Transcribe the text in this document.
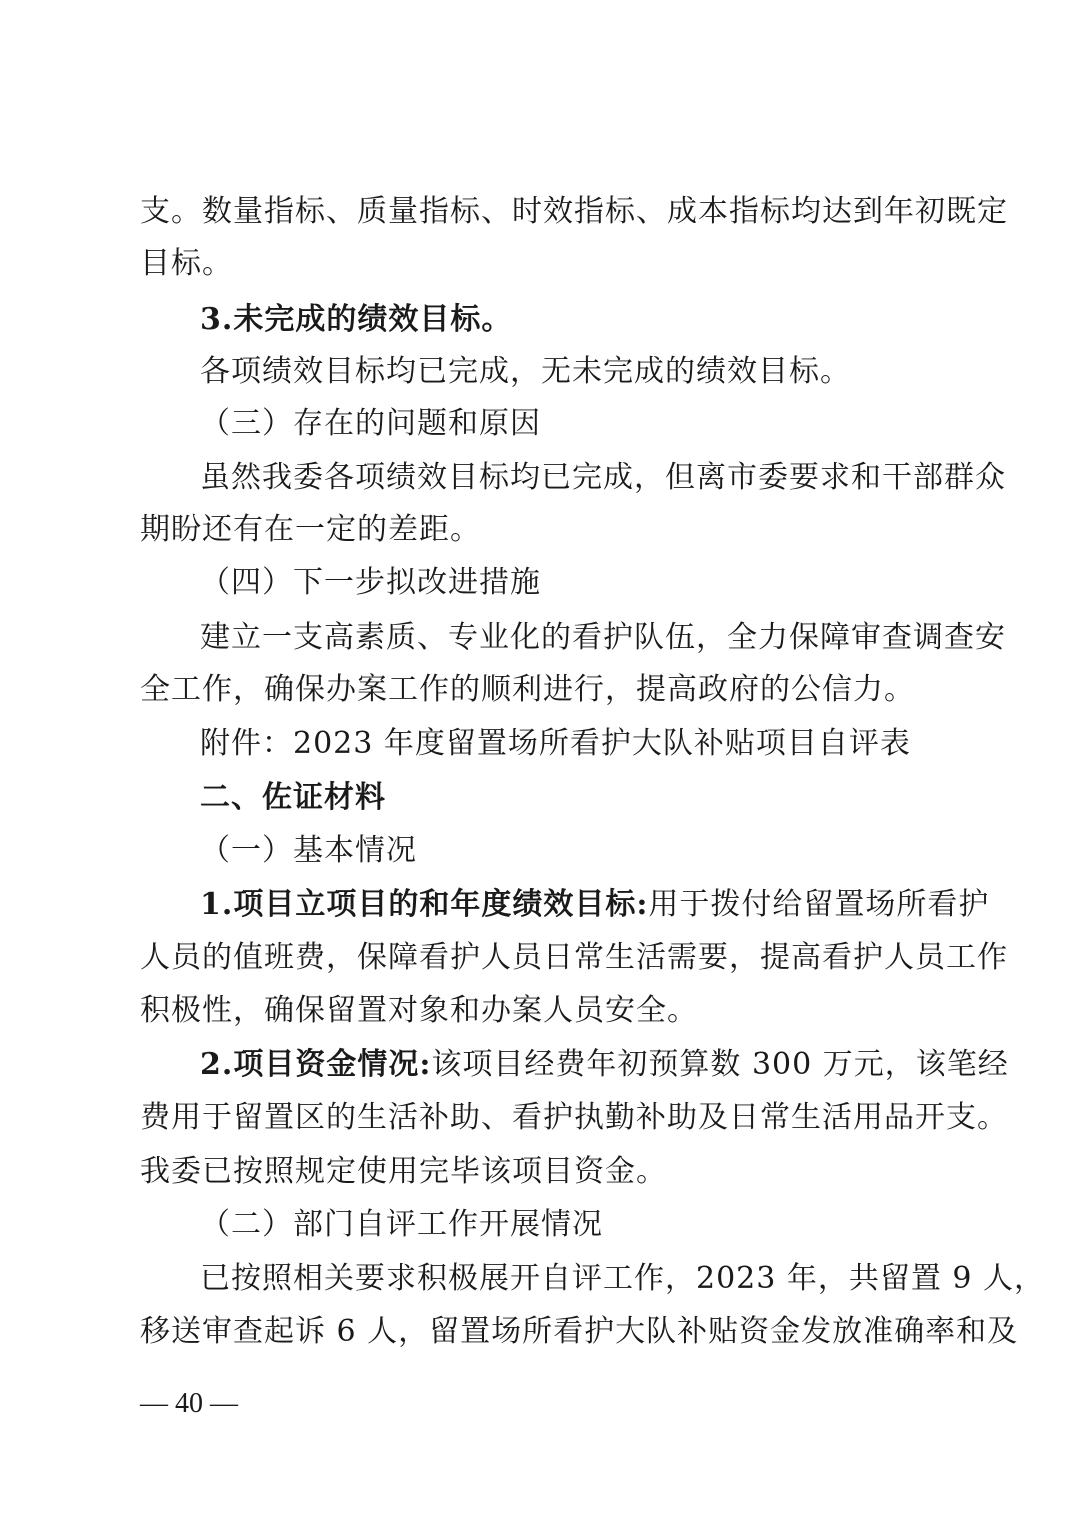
支。数量指标、质量指标、时效指标、成本指标均达到年初既定
目标。
3.未完成的绩效目标。
各项绩效目标均已完成，无未完成的绩效目标。
（三）存在的问题和原因
虽然我委各项绩效目标均已完成，但离市委要求和干部群众
期盼还有在一定的差距。
（四）下一步拟改进措施
建立一支高素质、专业化的看护队伍，全力保障审查调查安
全工作，确保办案工作的顺利进行，提高政府的公信力。
附件：2023 年度留置场所看护大队补贴项目自评表
二、佐证材料
（一）基本情况
1.项目立项目的和年度绩效目标:用于拨付给留置场所看护
人员的值班费，保障看护人员日常生活需要，提高看护人员工作
积极性，确保留置对象和办案人员安全。
2.项目资金情况:该项目经费年初预算数 300 万元，该笔经
费用于留置区的生活补助、看护执勤补助及日常生活用品开支。
我委已按照规定使用完毕该项目资金。
（二）部门自评工作开展情况
已按照相关要求积极展开自评工作，2023 年，共留置 9 人，
移送审查起诉 6 人，留置场所看护大队补贴资金发放准确率和及
— 40 —
